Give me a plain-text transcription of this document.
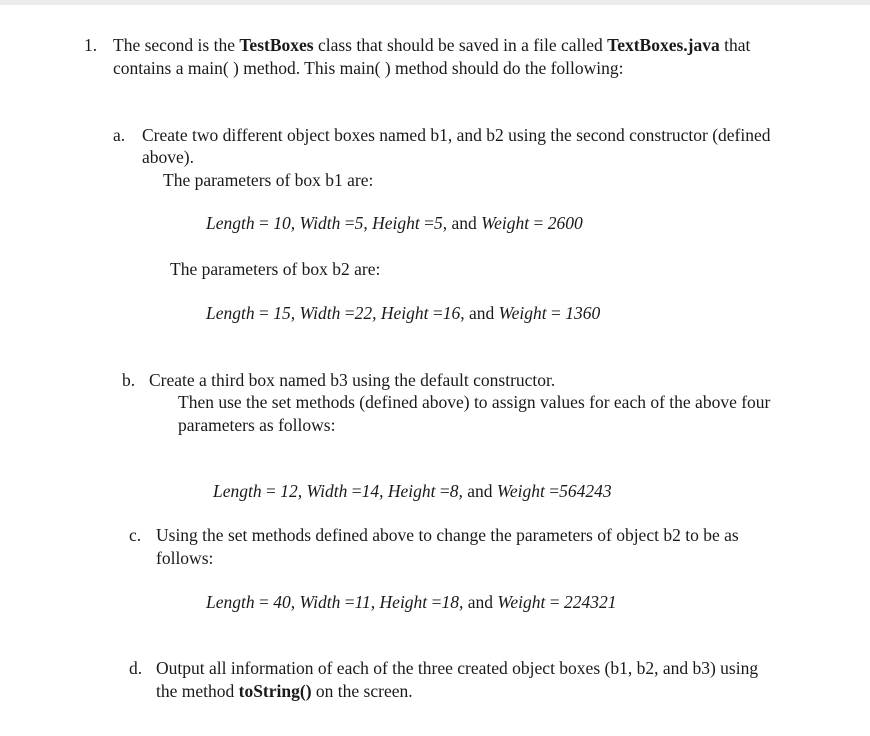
1. The second is the TestBoxes class that should be saved in a file called TextBoxes.java that
contains a main( ) method. This main( ) method should do the following:
a. Create two different object boxes named b1, and b2 using the second constructor (defined
above).
The parameters of box b1 are:
Length = 10, Width =5, Height =5, and Weight = 2600
The parameters of box b2 are:
Length = 15, Width =22, Height =16, and Weight = 1360
b. Create a third box named b3 using the default constructor.
Then use the set methods (defined above) to assign values for each of the above four
parameters as follows:
Length = 12, Width =14, Height =8, and Weight =564243
c. Using the set methods defined above to change the parameters of object b2 to be as
follows:
Length = 40, Width =11, Height =18, and Weight = 224321
d. Output all information of each of the three created object boxes (b1, b2, and b3) using
the method toString() on the screen.
